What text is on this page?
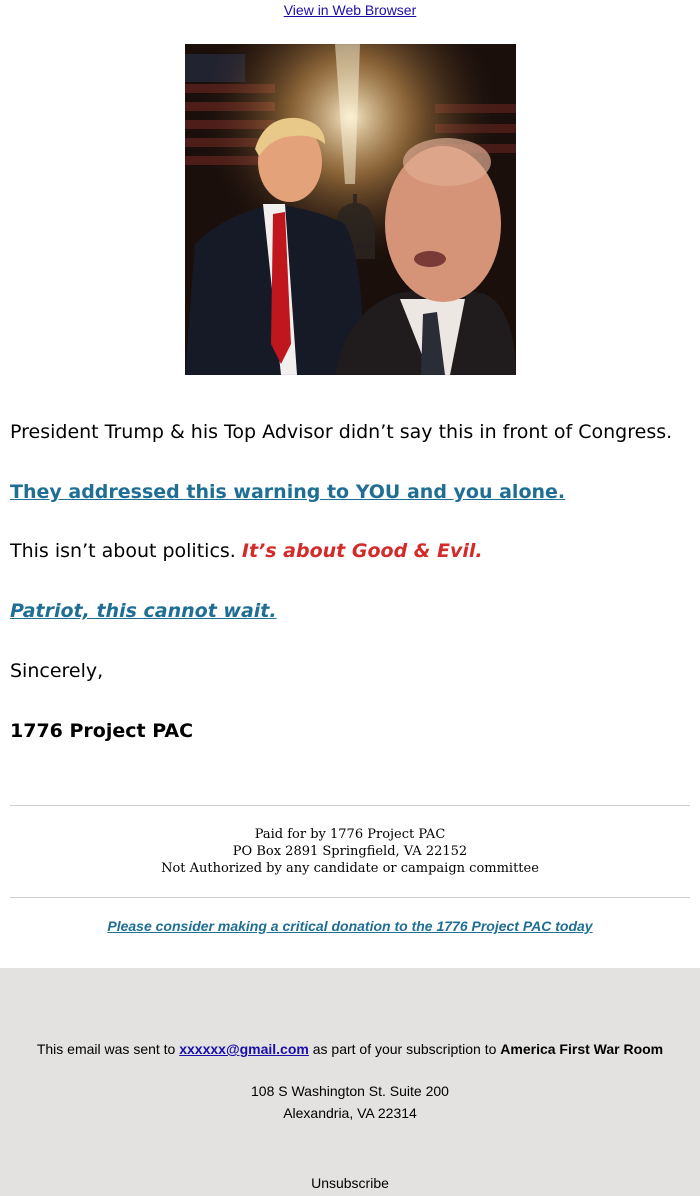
View in Web Browser
President Trump & his Top Advisor didn’t say this in front of Congress.
They addressed this warning to YOU and you alone.
This isn’t about politics. It’s about Good & Evil.
Patriot, this cannot wait.
Sincerely,
1776 Project PAC
Paid for by 1776 Project PAC
PO Box 2891 Springfield, VA 22152
Not Authorized by any candidate or campaign committee
Please consider making a critical donation to the 1776 Project PAC today
This email was sent to xxxxxx@gmail.com as part of your subscription to America First War Room
108 S Washington St. Suite 200
Alexandria, VA 22314
Unsubscribe
